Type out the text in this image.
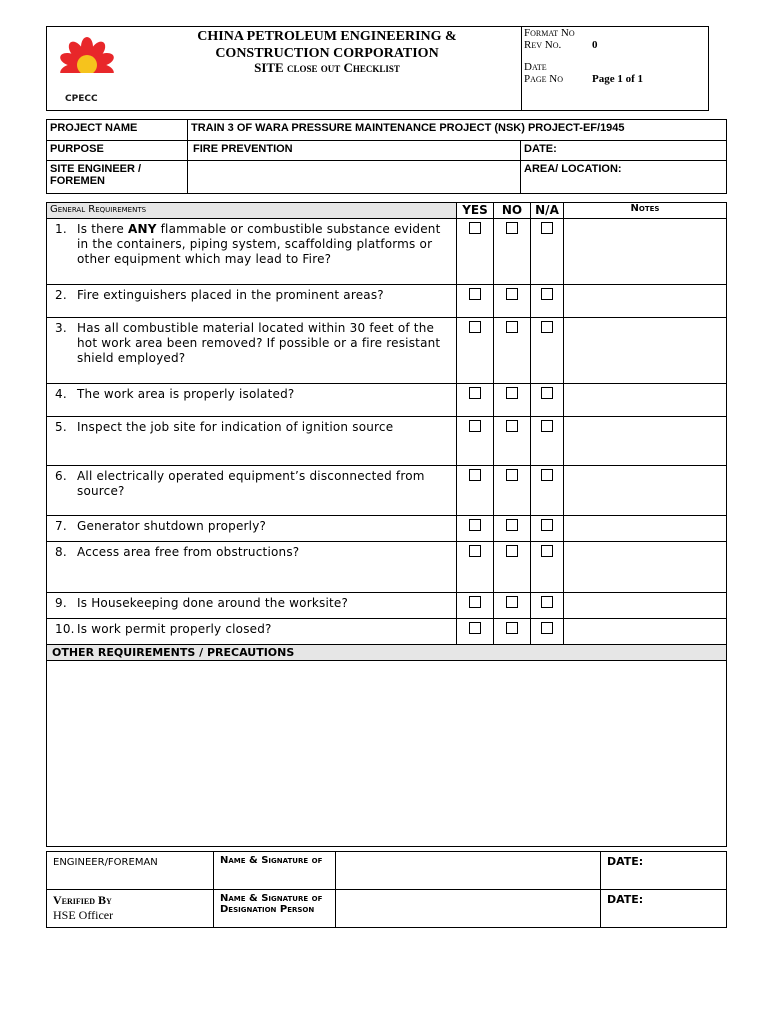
CPECC
CHINA PETROLEUM ENGINEERING &
CONSTRUCTION CORPORATION
SITE close out Checklist
Format No
Rev No.	0
Date
Page No	Page 1 of 1
PROJECT NAME	TRAIN 3 OF WARA PRESSURE MAINTENANCE PROJECT (NSK) PROJECT-EF/1945	
PURPOSE	FIRE PREVENTION	DATE:
SITE ENGINEER / FOREMEN		AREA/ LOCATION:
General Requirements	YES	NO	N/A	Notes

1. Is there ANY flammable or combustible substance evident in the containers, piping system, scaffolding platforms or other equipment which may lead to Fire?				

2. Fire extinguishers placed in the prominent areas?				

3. Has all combustible material located within 30 feet of the hot work area been removed? If possible or a fire resistant shield employed?				

4. The work area is properly isolated?				

5. Inspect the job site for indication of ignition source				

6. All electrically operated equipment’s disconnected from source?				

7. Generator shutdown properly?				

8. Access area free from obstructions?				

9. Is Housekeeping done around the worksite?				

10. Is work permit properly closed?				

OTHER REQUIREMENTS / PRECAUTIONS				

ENGINEER/FOREMAN	Name & Signature of		DATE:

Verified By
HSE Officer	Name & Signature of Designation Person		DATE:
